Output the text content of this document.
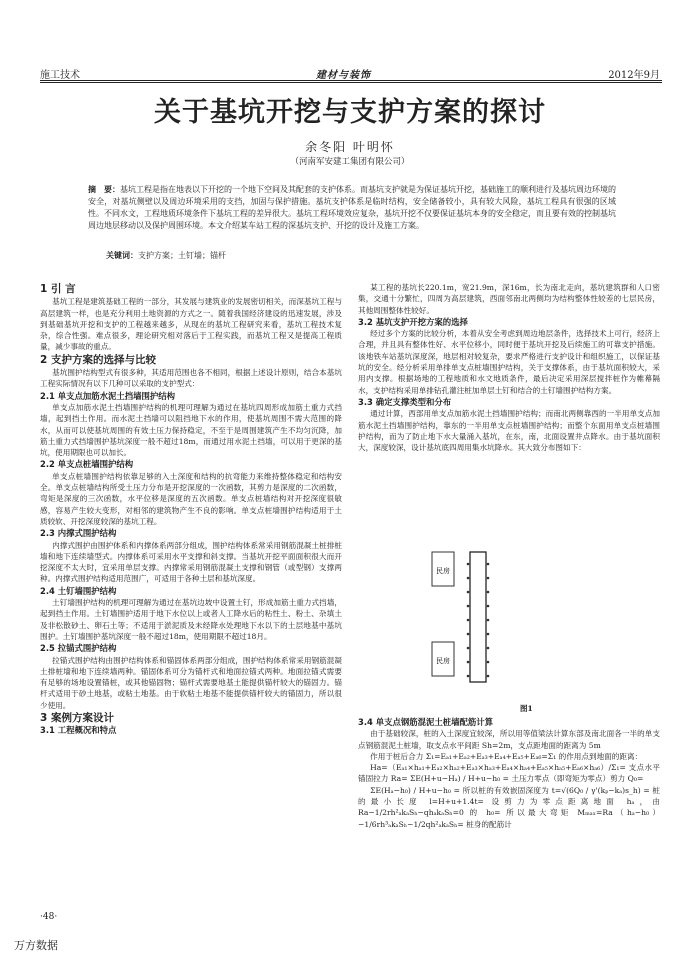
施工技术	建材与装饰	2012年9月
关于基坑开挖与支护方案的探讨
余冬阳 叶明怀
（河南军安建工集团有限公司）
摘　要：基坑工程是指在地表以下开挖的一个地下空间及其配套的支护体系。而基坑支护就是为保证基坑开挖，基础施工的顺利进行及基坑周边环境的安全，对基坑侧壁以及周边环境采用的支挡，加固与保护措施。基坑支护体系是临时结构，安全储备较小，具有较大风险，基坑工程具有很强的区域性。不同水文，工程地质环境条件下基坑工程的差异很大。基坑工程环境效应复杂，基坑开挖不仅要保证基坑本身的安全稳定，而且要有效的控制基坑周边地层移动以及保护周围环境。本文介绍某车站工程的深基坑支护、开挖的设计及施工方案。
关键词：支护方案；土钉墙；锚杆
1 引 言

基坑工程是建筑基础工程的一部分，其发展与建筑业的发展密切相关，而深基坑工程与高层建筑一样，也是充分利用土地资源的方式之一。随着我国经济建设的迅速发展，涉及到基础基坑开挖和支护的工程越来越多，从现在的基坑工程研究来看，基坑工程技术复杂，综合性强。难点很多，理论研究相对落后于工程实践，而基坑工程又是提高工程质量，减少事故的重点。

2 支护方案的选择与比较

基坑围护结构型式有很多种，其适用范围也各不相同，根据上述设计原则，结合本基坑工程实际情况有以下几种可以采取的支护型式：

2.1 单支点加筋水泥土挡墙围护结构

单支点加筋水泥土挡墙围护结构的机理可理解为通过在基坑四周形成加筋土重力式挡墙，起到挡土作用。而水泥土挡墙可以阻挡地下水的作用，使基坑周围不需大范围的降水，从而可以使基坑周围的有效土压力保持稳定，不至于是周围建筑产生不均匀沉降，加筋土重力式挡墙围护基坑深度一般不超过18m，而通过用水泥土挡墙，可以用于更深的基坑，使用期限也可以加长。

2.2 单支点桩墙围护结构

单支点桩墙围护结构依靠足够的入土深度和结构的抗弯能力来维持整体稳定和结构安全。单支点桩墙结构所受土压力分布是开挖深度的一次函数，其剪力是深度的二次函数，弯矩是深度的三次函数，水平位移是深度的五次函数。单支点桩墙结构对开挖深度很敏感，容易产生较大变形，对相邻的建筑物产生不良的影响。单支点桩墙围护结构适用于土质较软、开挖深度较深的基坑工程。

2.3 内撑式围护结构

内撑式围护由围护体系和内撑体系两部分组成，围护结构体系常采用钢筋混凝土桩排桩墙和地下连续墙型式。内撑体系可采用水平支撑和斜支撑。当基坑开挖平面面积很大而开挖深度不太大时，宜采用单层支撑。内撑常采用钢筋混凝土支撑和钢管（或型钢）支撑两种。内撑式围护结构适用范围广，可适用于各种土层和基坑深度。

2.4 土钉墙围护结构

土钉墙围护结构的机理可理解为通过在基坑边坡中设置土钉，形成加筋土重力式挡墙，起到挡土作用。土钉墙围护适用于地下水位以上或者人工降水后的粘性土、粉土、杂填土及非松散砂土、卵石土等；不适用于淤泥质及未经降水处理地下水以下的土层地基中基坑围护。土钉墙围护基坑深度一般不超过18m，使用期限不超过18月。

2.5 拉锚式围护结构

拉锚式围护结构由围护结构体系和锚固体系两部分组成，围护结构体系常采用钢筋混凝土排桩墙和地下连续墙两种。锚固体系可分为锚杆式和地面拉锚式两种。地面拉锚式需要有足够的场地设置锚桩，或其他锚固物；锚杆式需要地基土能提供锚杆较大的锚固力。锚杆式适用于砂土地基，或粘土地基。由于软粘土地基不能提供锚杆较大的锚固力，所以很少使用。

3 案例方案设计
3.1 工程概况和特点

某工程的基坑长220.1m，宽21.9m，深16m，长为南北走向，基坑建筑群和人口密集，交通十分繁忙，四周为高层建筑，西面邻南北两侧均为结构整体性较差的七层民房，其他周围整体性较好。

3.2 基坑支护开挖方案的选择

经过多个方案的比较分析，本着从安全考虑到周边地层条件，选择技术上可行，经济上合理，并且具有整体性好、水平位移小，同时便于基坑开挖及后续施工的可靠支护措施。该地铁车站基坑深度深，地层相对较复杂，要求严格进行支护设计和组织施工，以保证基坑的安全。经分析采用单排单支点桩墙围护结构，关于支撑体系，由于基坑面积较大，采用内支撑。根据场地的工程地质和水文地质条件，最后决定采用深层搅拌桩作为帷幕隔水，支护结构采用单排钻孔灌注桩加单层土钉和结合的土钉墙围护结构方案。

3.3 确定支撑类型和分布

通过计算，西部用单支点加筋水泥土挡墙围护结构；而南北两侧靠西的一半用单支点加筋水泥土挡墙围护结构，靠东的一半用单支点桩墙围护结构；而整个东面用单支点桩墙围护结构，而为了防止地下水大量涌入基坑，在东，南，北面设置井点降水。由于基坑面积大，深度较深，设计基坑底四周用集水坑降水。其大致分布图如下：

民房
民房
图1
3.4 单支点钢筋混泥土桩墙配筋计算

由于基础较深，桩的入土深度宜较深，所以用等值梁法计算东部及南北面各一半的单支点钢筋混泥土桩墙，取支点水平间距 Sh=2m，支点距地面的距离为 5m

作用于桩后合力 Σ₁=Eₐ₁+Eₐ₂+Eₐ₃+Eₐ₄+Eₐ₅+Eₐ₆=Σ₁ 的作用点到地面的距离：

Ha=（Eₐ₁×hₐ₁+Eₐ₂×hₐ₂+Eₐ₃×hₐ₃+Eₐ₄×hₐ₄+Eₐ₅×hₐ₅+Eₐ₆×hₐ₆）/Σ₁= 支点水平锚固拉力 Ra= ΣE(H+u−Hₐ) / H+u−h₀ = 土压力零点（即弯矩为零点）剪力 Q₀=

ΣE(Hₐ−h₀) / H+u−h₀ = 所以桩的有效嵌固深度为 t=√(6Q₀ / γ'(kₚ−kₐ)s_h) = 桩的最小长度 l=H+u+1.4t= 设剪力为零点距离地面 hₐ，由 Ra−1/2rh²ₐkₐSₕ−qhₐkₐSₕ=0 的 h₀= 所以最大弯矩 Mₘₐₓ=Ra（hₐ−h₀）−1/6rh³ₐkₐSₕ−1/2qh²ₐkₐSₕ= 桩身的配筋计

·48·
万方数据
